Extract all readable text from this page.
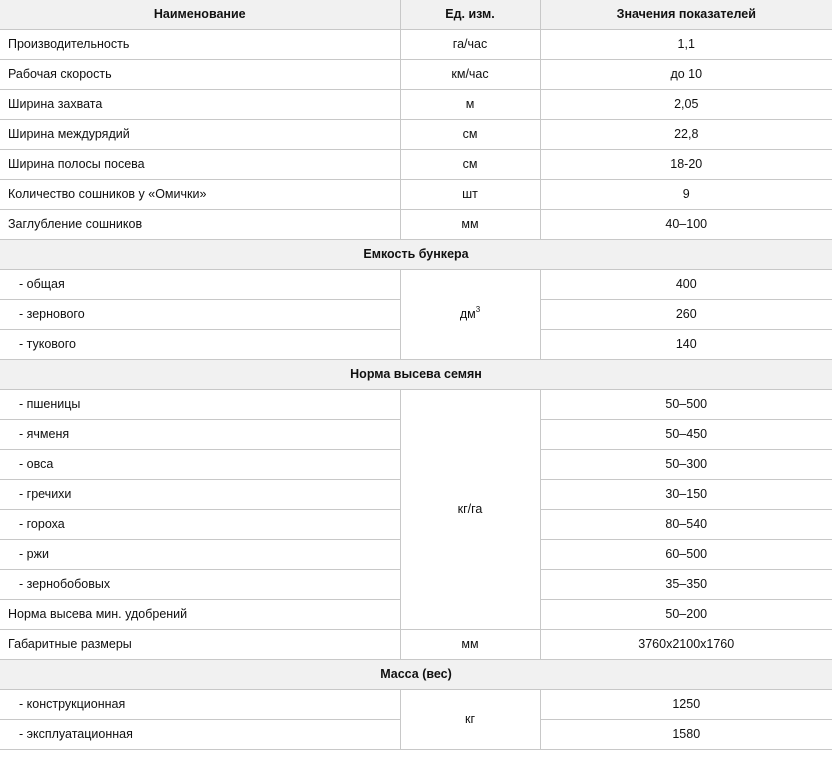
Наименование	Ед. изм.	Значения показателей
Производительность	га/час	1,1
Рабочая скорость	км/час	до 10
Ширина захвата	м	2,05
Ширина междурядий	см	22,8
Ширина полосы посева	см	18-20
Количество сошников у «Омички»	шт	9
Заглубление сошников	мм	40–100
Емкость бункера		
- общая	$дм^3$	400
- зернового		260
- тукового		140
Норма высева семян		
- пшеницы	кг/га	50–500
- ячменя		50–450
- овса		50–300
- гречихи		30–150
- гороха		80–540
- ржи		60–500
- зернобобовых		35–350
Норма высева мин. удобрений		50–200
Габаритные размеры	мм	3760x2100x1760
Масса (вес)		
- конструкционная	кг	1250
- эксплуатационная		1580
